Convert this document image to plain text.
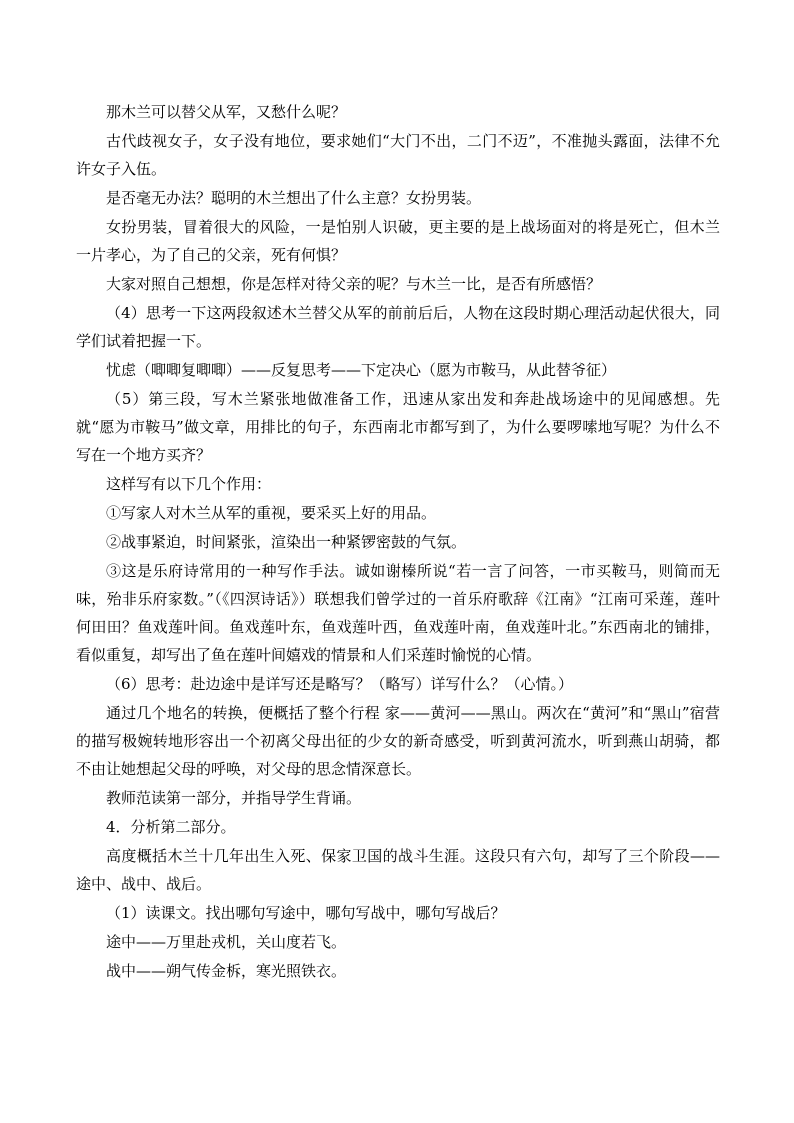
那木兰可以替父从军，又愁什么呢？

古代歧视女子，女子没有地位，要求她们“大门不出，二门不迈”，不准抛头露面，法律不允许女子入伍。

是否毫无办法？聪明的木兰想出了什么主意？女扮男装。

女扮男装，冒着很大的风险，一是怕别人识破，更主要的是上战场面对的将是死亡，但木兰一片孝心，为了自己的父亲，死有何惧？

大家对照自己想想，你是怎样对待父亲的呢？与木兰一比，是否有所感悟？

（4）思考一下这两段叙述木兰替父从军的前前后后，人物在这段时期心理活动起伏很大，同学们试着把握一下。

忧虑（唧唧复唧唧）——反复思考——下定决心（愿为市鞍马，从此替爷征）

（5）第三段，写木兰紧张地做准备工作，迅速从家出发和奔赴战场途中的见闻感想。先就“愿为市鞍马”做文章，用排比的句子，东西南北市都写到了，为什么要啰嗦地写呢？为什么不写在一个地方买齐？

这样写有以下几个作用：

①写家人对木兰从军的重视，要采买上好的用品。

②战事紧迫，时间紧张，渲染出一种紧锣密鼓的气氛。

③这是乐府诗常用的一种写作手法。诚如谢榛所说“若一言了问答，一市买鞍马，则简而无味，殆非乐府家数。”（《四溟诗话》）联想我们曾学过的一首乐府歌辞《江南》“江南可采莲，莲叶何田田？鱼戏莲叶间。鱼戏莲叶东，鱼戏莲叶西，鱼戏莲叶南，鱼戏莲叶北。”东西南北的铺排，看似重复，却写出了鱼在莲叶间嬉戏的情景和人们采莲时愉悦的心情。

（6）思考：赴边途中是详写还是略写？（略写）详写什么？（心情。）

通过几个地名的转换，便概括了整个行程 家——黄河——黑山。两次在“黄河”和“黑山”宿营的描写极婉转地形容出一个初离父母出征的少女的新奇感受，听到黄河流水，听到燕山胡骑，都不由让她想起父母的呼唤，对父母的思念情深意长。

教师范读第一部分，并指导学生背诵。

4．分析第二部分。

高度概括木兰十几年出生入死、保家卫国的战斗生涯。这段只有六句，却写了三个阶段——途中、战中、战后。

（1）读课文。找出哪句写途中，哪句写战中，哪句写战后？

途中——万里赴戎机，关山度若飞。

战中——朔气传金柝，寒光照铁衣。
